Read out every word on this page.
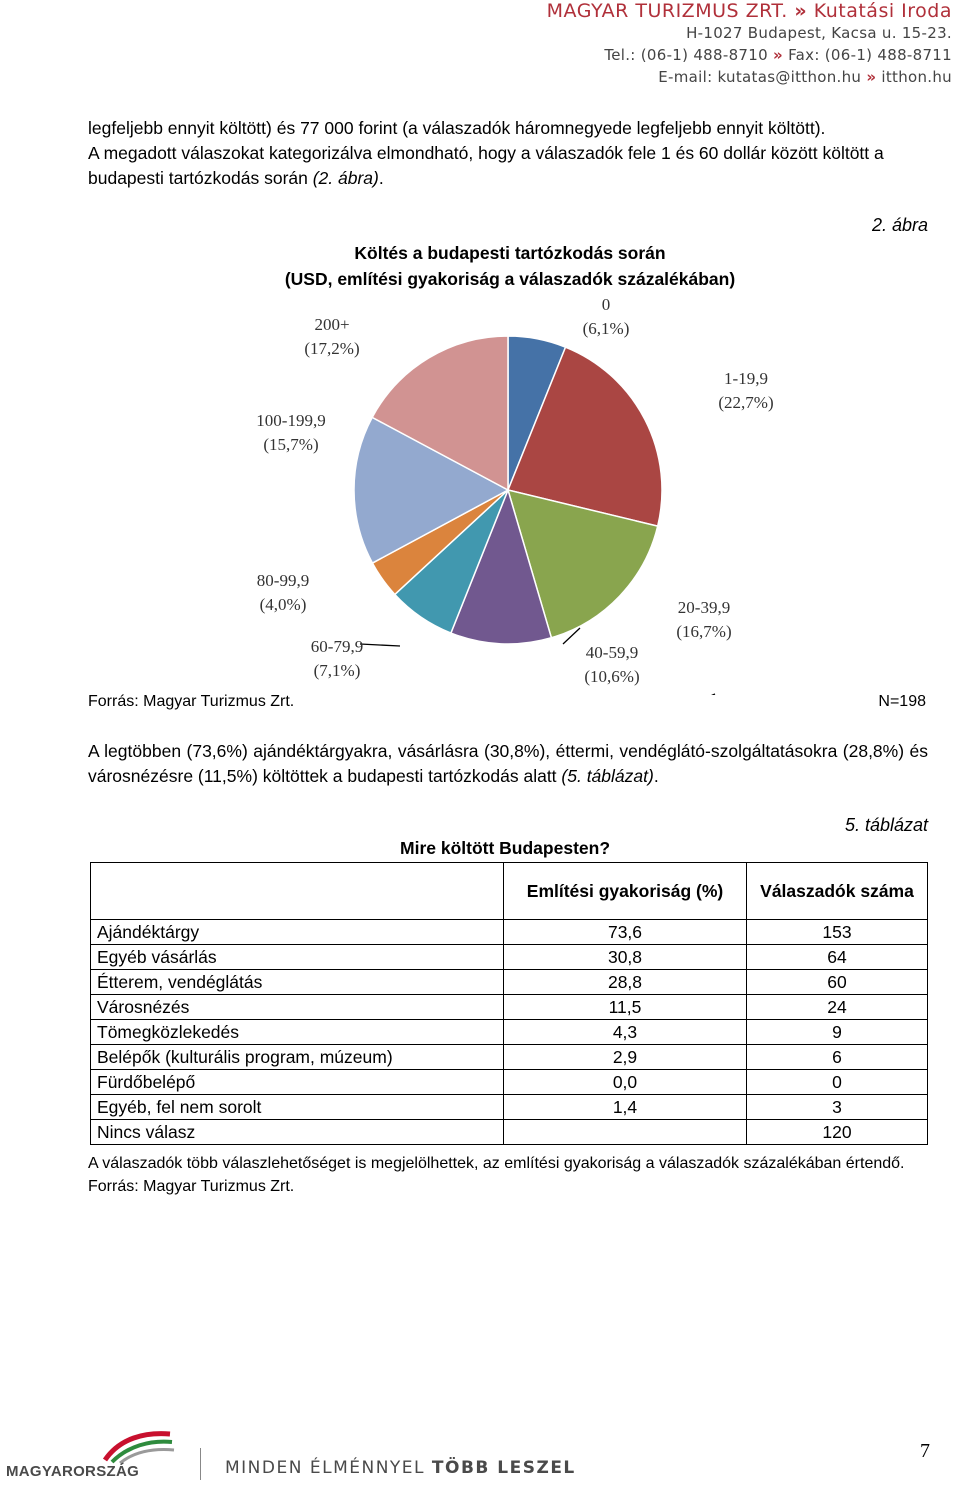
MAGYAR TURIZMUS ZRT. » Kutatási Iroda
H-1027 Budapest, Kacsa u. 15-23.
Tel.: (06-1) 488-8710 » Fax: (06-1) 488-8711
E-mail: kutatas@itthon.hu » itthon.hu

legfeljebb ennyit költött) és 77 000 forint (a válaszadók háromnegyede legfeljebb ennyit költött).

A megadott válaszokat kategorizálva elmondható, hogy a válaszadók fele 1 és 60 dollár között költött a budapesti tartózkodás során (2. ábra).

2. ábra
Költés a budapesti tartózkodás során
(USD, említési gyakoriság a válaszadók százalékában)
0
(6,1%)
1-19,9
(22,7%)
20-39,9
(16,7%)
40-59,9
(10,6%)
60-79,9
(7,1%)
80-99,9
(4,0%)
100-199,9
(15,7%)
200+
(17,2%)
Forrás: Magyar Turizmus Zrt.	N=198

A legtöbben (73,6%) ajándéktárgyakra, vásárlásra (30,8%), éttermi, vendéglátó-szolgáltatásokra (28,8%) és városnézésre (11,5%) költöttek a budapesti tartózkodás alatt (5. táblázat).

5. táblázat
Mire költött Budapesten?
	Említési gyakoriság (%)	Válaszadók száma
Ajándéktárgy	73,6	153
Egyéb vásárlás	30,8	64
Étterem, vendéglátás	28,8	60
Városnézés	11,5	24
Tömegközlekedés	4,3	9
Belépők (kulturális program, múzeum)	2,9	6
Fürdőbelépő	0,0	0
Egyéb, fel nem sorolt	1,4	3
Nincs válasz		120
A válaszadók több válaszlehetőséget is megjelölhettek, az említési gyakoriság a válaszadók százalékában értendő.
Forrás: Magyar Turizmus Zrt.
MAGYARORSZÁG	MINDEN ÉLMÉNNYEL TÖBB LESZEL
7
